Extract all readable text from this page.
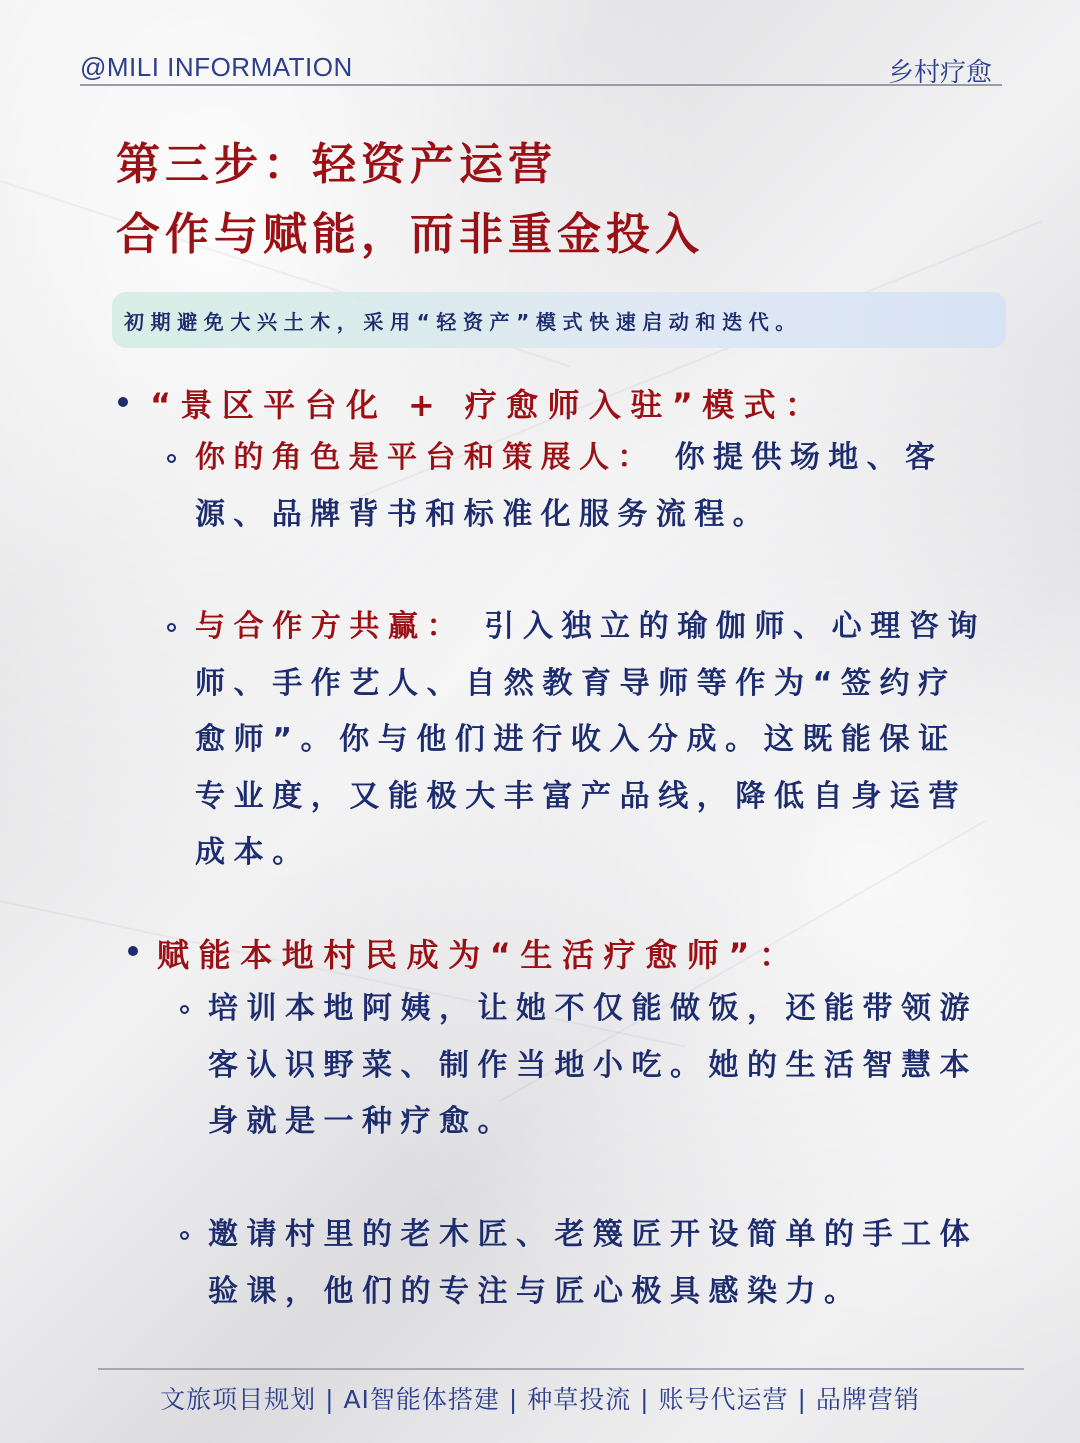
@MILI INFORMATION	乡村疗愈
第三步：轻资产运营
合作与赋能，而非重金投入
初期避免大兴土木，采用“轻资产”模式快速启动和迭代。
“景区平台化 + 疗愈师入驻”模式：
你的角色是平台和策展人： 你提供场地、客源、品牌背书和标准化服务流程。
与合作方共赢： 引入独立的瑜伽师、心理咨询师、手作艺人、自然教育导师等作为“签约疗愈师”。你与他们进行收入分成。这既能保证专业度，又能极大丰富产品线，降低自身运营成本。
赋能本地村民成为“生活疗愈师”：
培训本地阿姨，让她不仅能做饭，还能带领游客认识野菜、制作当地小吃。她的生活智慧本身就是一种疗愈。
邀请村里的老木匠、老篾匠开设简单的手工体验课，他们的专注与匠心极具感染力。
文旅项目规划 | AI智能体搭建 | 种草投流 | 账号代运营 | 品牌营销
